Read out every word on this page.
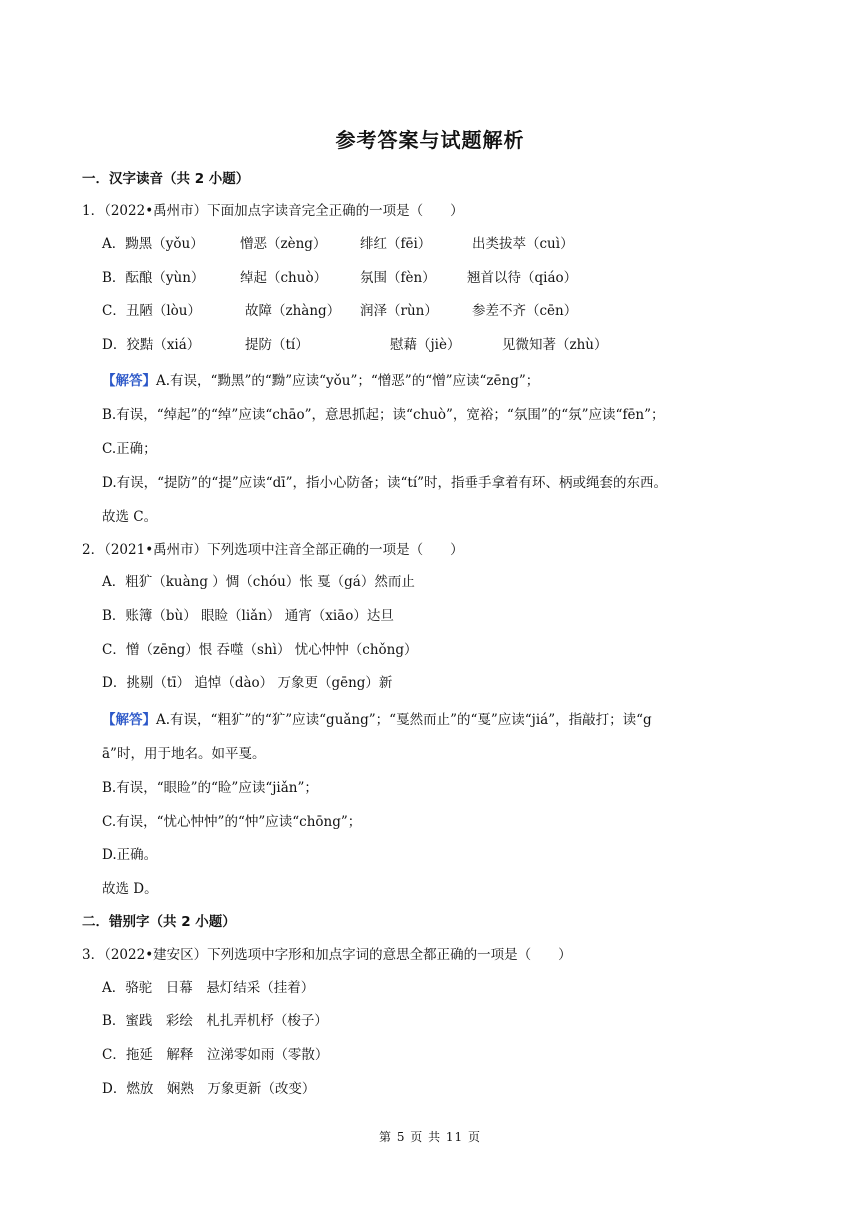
参考答案与试题解析
一．汉字读音（共 2 小题）
1．（2022•禹州市）下面加点字读音完全正确的一项是（　　）
A．黝黑（yǒu）	憎恶（zèng） 绯红（fēi）	出类拔萃（cuì）
B．酝酿（yùn）	绰起（chuò） 氛围（fèn） 翘首以待（qiáo）
C．丑陋（lòu）	故障（zhàng） 润泽（rùn）	参差不齐（cēn）
D．狡黠（xiá）	提防（tí）	慰藉（jiè）	见微知著（zhù）
【解答】A.有误，“黝黑”的“黝”应读“yǒu”；“憎恶”的“憎”应读“zēng”；
B.有误，“绰起”的“绰”应读“chāo”，意思抓起；读“chuò”，宽裕；“氛围”的“氛”应读“fēn”；
C.正确；
D.有误，“提防”的“提”应读“dī”，指小心防备；读“tí”时，指垂手拿着有环、柄或绳套的东西。
故选 C。
2．（2021•禹州市）下列选项中注音全部正确的一项是（　　）
A．粗犷（kuàng ）惆（chóu）怅 戛（gá）然而止
B．账簿（bù） 眼睑（liǎn） 通宵（xiāo）达旦
C．憎（zēng）恨 吞噬（shì） 忧心忡忡（chǒng）
D．挑剔（tī） 追悼（dào） 万象更（gēng）新
【解答】A.有误，“粗犷”的“犷”应读“guǎng”；“戛然而止”的“戛”应读“jiá”，指敲打；读“g
ā”时，用于地名。如平戛。
B.有误，“眼睑”的“睑”应读“jiǎn”；
C.有误，“忧心忡忡”的“忡”应读“chōng”；
D.正确。
故选 D。
二．错别字（共 2 小题）
3．（2022•建安区）下列选项中字形和加点字词的意思全都正确的一项是（　　）
A．骆驼　日幕　悬灯结采（挂着）
B．蜜践　彩绘　札扎弄机杼（梭子）
C．拖延　解释　泣涕零如雨（零散）
D．燃放　娴熟　万象更新（改变）
第 5 页 共 11 页
